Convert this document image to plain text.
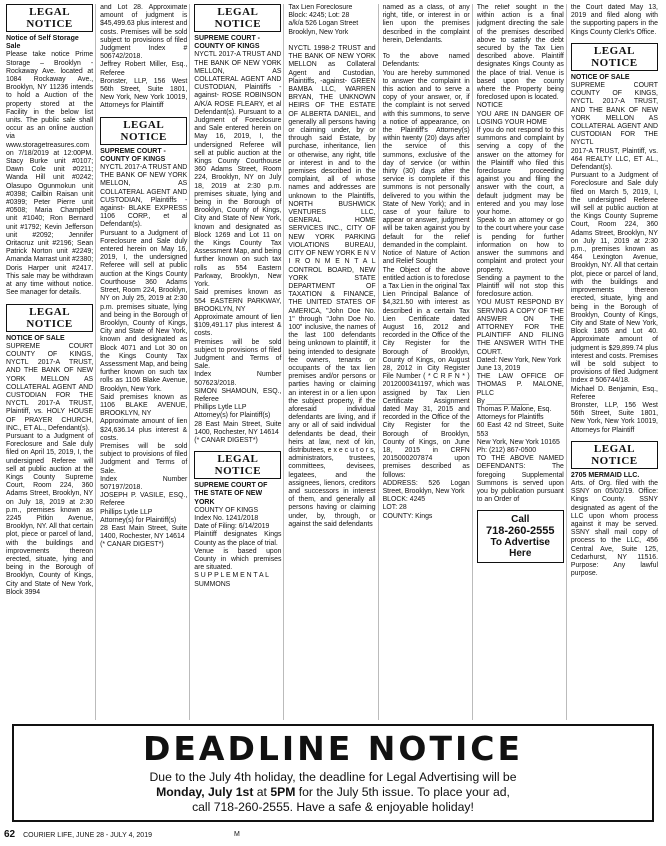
LEGAL NOTICE

Notice of Self Storage Sale

Please take notice Prime Storage – Brooklyn - Rockaway Ave. located at 1084 Rockaway Ave., Brooklyn, NY 11236 intends to hold a Auction of the property stored at the Facility in the below list units. The public sale shall occur as an online auction via www.storagetreasures.com on 7/18/2019 at 12:00PM. Stacy Burke unit #0107; Dawn Cole unit #0211; Wanda Hill unit #0242; Olasupo Ogunmokun unit #0398; Cailbin Raisan unit #0399; Peter Pierre unit #0508; Maria Champbell unit #1040; Ron Bernard unit #1792; Kevin Jefferson unit #2092; Jennifer Oritacruz unit #2196; Sean Patrick Norton unit #2249; Amanda Marrast unit #2380; Doris Harper unit #2417. This sale may be withdrawn at any time without notice. See manager for details.

LEGAL NOTICE

NOTICE OF SALE

SUPREME COURT COUNTY OF KINGS, NYCTL 2017-A TRUST, AND THE BANK OF NEW YORK MELLON AS COLLATERAL AGENT AND CUSTODIAN FOR THE NYCTL 2017-A TRUST, Plaintiff, vs. HOLY HOUSE OF PRAYER CHURCH, INC., ET AL., Defendant(s).
Pursuant to a Judgment of Foreclosure and Sale duly filed on April 15, 2019, I, the undersigned Referee will sell at public auction at the Kings County Supreme Court, Room 224, 360 Adams Street, Brooklyn, NY on July 18, 2019 at 2:30 p.m., premises known as 2245 Pitkin Avenue, Brooklyn, NY. All that certain plot, piece or parcel of land, with the buildings and improvements thereon erected, situate, lying and being in the Borough of Brooklyn, County of Kings, City and State of New York, Block 3994

and Lot 28. Approximate amount of judgment is $45,499.63 plus interest and costs. Premises will be sold subject to provisions of filed Judgment Index # 506742/2018.
Jeffrey Robert Miller, Esq., Referee
Bronster, LLP, 156 West 56th Street, Suite 1801, New York, New York 10019, Attorneys for Plaintiff

LEGAL NOTICE

SUPREME COURT - COUNTY OF KINGS

NYCTL 2017-A TRUST AND THE BANK OF NEW YORK MELLON, AS COLLATERAL AGENT AND CUSTODIAN, Plaintiffs -against- BLAKE EXPRESS 1106 CORP., et al Defendant(s).
Pursuant to a Judgment of Foreclosure and Sale duly entered herein on May 16, 2019, I, the undersigned Referee will sell at public auction at the Kings County Courthouse 360 Adams Street, Room 224, Brooklyn, NY on July 25, 2019 at 2:30 p.m. premises situate, lying and being in the Borough of Brooklyn, County of Kings, City and State of New York, known and designated as Block 4071 and Lot 30 on the Kings County Tax Assessment Map, and being further known on such tax rolls as 1106 Blake Avenue, Brooklyn, New York.
Said premises known as 1106 BLAKE AVENUE, BROOKLYN, NY
Approximate amount of lien $24,636.14 plus interest & costs.
Premises will be sold subject to provisions of filed Judgment and Terms of Sale.
Index Number 507197/2018.
JOSEPH P. VASILE, ESQ., Referee
Phillips Lytle LLP
Attorney(s) for Plaintiff(s)
28 East Main Street, Suite 1400, Rochester, NY 14614
(* CANAR DIGEST*)

LEGAL NOTICE

SUPREME COURT - COUNTY OF KINGS

NYCTL 2017-A TRUST AND THE BANK OF NEW YORK MELLON, AS COLLATERAL AGENT AND CUSTODIAN, Plaintiffs -against- ROSE ROBINSON A/K/A ROSE FLEARY, et al Defendant(s). Pursuant to a Judgment of Foreclosure and Sale entered herein on May 16, 2019, I, the undersigned Referee will sell at public auction at the Kings County Courthouse 360 Adams Street, Room 224, Brooklyn, NY on July 18, 2019 at 2:30 p.m. premises situate, lying and being in the Borough of Brooklyn, County of Kings, City and State of New York, known and designated as Block 1269 and Lot 11 on the Kings County Tax Assessment Map, and being further known on such tax rolls as 554 Eastern Parkway, Brooklyn, New York.
Said premises known as 554 EASTERN PARKWAY, BROOKLYN, NY
Approximate amount of lien $109,491.17 plus interest & costs.
Premises will be sold subject to provisions of filed Judgment and Terms of Sale.
Index Number 507623/2018.
SIMON SHAMOUN, ESQ., Referee
Phillips Lytle LLP
Attorney(s) for Plaintiff(s)
28 East Main Street, Suite 1400, Rochester, NY 14614
(* CANAR DIGEST*)

LEGAL NOTICE

SUPREME COURT OF THE STATE OF NEW YORK

COUNTY OF KINGS
Index No. 1241/2018
Date of Filing: 6/14/2019
Plaintiff designates Kings County as the place of trial.
Venue is based upon County in which premises are situated.
S U P P L E M E N T A L
SUMMONS

Tax Lien Foreclosure
Block: 4245; Lot: 28
a/k/a 526 Logan Street
Brooklyn, New York

NYCTL 1998-2 TRUST and THE BANK OF NEW YORK MELLON as Collateral Agent and Custodian, Plaintiffs, -against- GREEN BAMBA LLC, WARREN BRYAN, THE UNKNOWN HEIRS OF THE ESTATE OF ALBERTA DANIEL, and generally all persons having or claiming under, by or through said Estate, by purchase, inheritance, lien or otherwise, any right, title or interest in and to the premises described in the complaint, all of whose names and addresses are unknown to the Plaintiffs, NORTH BUSHWICK VENTURES LLC, GENERAL HOME SERVICES INC., CITY OF NEW YORK PARKING VIOLATIONS BUREAU, CITY OF NEW YORK E N V I R O N M E N T A L CONTROL BOARD, NEW YORK STATE DEPARTMENT OF TAXATION & FINANCE, THE UNITED STATES OF AMERICA, "John Doe No. 1" through "John Doe No. 100" inclusive, the names of the last 100 defendants being unknown to plaintiff, it being intended to designate fee owners, tenants or occupants of the tax lien premises and/or persons or parties having or claiming an interest in or a lien upon the subject property, if the aforesaid individual defendants are living, and if any or all of said individual defendants be dead, their heirs at law, next of kin, distributees, e x e c u t o r s, administrators, trustees, committees, devisees, legatees, and the assignees, lienors, creditors and successors in interest of them, and generally all persons having or claiming under, by, through, or against the said defendants

named as a class, of any right, title, or interest in or lien upon the premises described in the complaint herein, Defendants.

To the above named Defendants:
You are hereby summoned to answer the complaint in this action and to serve a copy of your answer, or, if the complaint is not served with this summons, to serve a notice of appearance, on the Plaintiff's Attorney(s) within twenty (20) days after the service of this summons, exclusive of the day of service (or within thirty (30) days after the service is complete if this summons is not personally delivered to you within the State of New York); and in case of your failure to appear or answer, judgment will be taken against you by default for the relief demanded in the complaint.
Notice of Nature of Action and Relief Sought
The Object of the above entitled action is to foreclose a Tax Lien in the original Tax Lien Principal Balance of $4,321.50 with interest as described in a certain Tax Lien Certificate dated August 16, 2012 and recorded in the Office of the City Register for the Borough of Brooklyn, County of Kings, on August 28, 2012 in City Register File Number ( * C R F N * ) 2012000341197, which was assigned by Tax Lien Certificate Assignment dated May 31, 2015 and recorded in the Office of the City Register for the Borough of Brooklyn, County of Kings, on June 18, 2015 in CRFN 2015000207874 upon premises described as follows:
ADDRESS: 526 Logan Street, Brooklyn, New York
BLOCK: 4245
LOT: 28
COUNTY: Kings

The relief sought in the within action is a final judgment directing the sale of the premises described above to satisfy the debt secured by the Tax Lien described above. Plaintiff designates Kings County as the place of trial. Venue is based upon the county where the Property being foreclosed upon is located.
NOTICE
YOU ARE IN DANGER OF LOSING YOUR HOME
If you do not respond to this summons and complaint by serving a copy of the answer on the attorney for the Plaintiff who filed this foreclosure proceeding against you and filing the answer with the court, a default judgment may be entered and you may lose your home.
Speak to an attorney or go to the court where your case is pending for further information on how to answer the summons and complaint and protect your property.
Sending a payment to the Plaintiff will not stop this foreclosure action.
YOU MUST RESPOND BY SERVING A COPY OF THE ANSWER ON THE ATTORNEY FOR THE PLAINTIFF AND FILING THE ANSWER WITH THE COURT.
Dated: New York, New York
June 13, 2019
THE LAW OFFICE OF THOMAS P. MALONE, PLLC
By ___________
Thomas P. Malone, Esq.
Attorneys for Plaintiffs
60 East 42 nd Street, Suite 553
New York, New York 10165
Ph: (212) 867-0500
TO THE ABOVE NAMED DEFENDANTS: The foregoing Supplemental Summons is served upon you by publication pursuant to an Order of

Call
718-260-2555
To Advertise Here

the Court dated May 13, 2019 and filed along with the supporting papers in the Kings County Clerk's Office.

LEGAL NOTICE

NOTICE OF SALE

SUPREME COURT COUNTY OF KINGS, NYCTL 2017-A TRUST, AND THE BANK OF NEW YORK MELLON AS COLLATERAL AGENT AND CUSTODIAN FOR THE NYCTL
2017-A TRUST, Plaintiff, vs. 464 REALTY LLC, ET AL., Defendant(s).
Pursuant to a Judgment of Foreclosure and Sale duly filed on March 5, 2019, I, the undersigned Referee will sell at public auction at the Kings County Supreme Court, Room 224, 360 Adams Street, Brooklyn, NY on July 11, 2019 at 2:30 p.m., premises known as 464 Lexington Avenue, Brooklyn, NY. All that certain plot, piece or parcel of land, with the buildings and improvements thereon erected, situate, lying and being in the Borough of Brooklyn, County of Kings, City and State of New York, Block 1805 and Lot 40. Approximate amount of judgment is $29,899.74 plus interest and costs. Premises will be sold subject to provisions of filed Judgment Index # 506744/18.
Michael D. Benjamin, Esq., Referee
Bronster, LLP, 156 West 56th Street, Suite 1801, New York, New York 10019, Attorneys for Plaintiff

LEGAL NOTICE

2705 MERMAID LLC.

Arts. of Org. filed with the SSNY on 05/02/19. Office: Kings County. SSNY designated as agent of the LLC upon whom process against it may be served. SSNY shall mail copy of process to the LLC, 456 Central Ave, Suite 125, Cedarhurst, NY 11516. Purpose: Any lawful purpose.

DEADLINE NOTICE
Due to the July 4th holiday, the deadline for Legal Advertising will be
Monday, July 1st at 5PM for the July 5th issue. To place your ad,
call 718-260-2555. Have a safe & enjoyable holiday!
62 COURIER LIFE, JUNE 28 - JULY 4, 2019	M
